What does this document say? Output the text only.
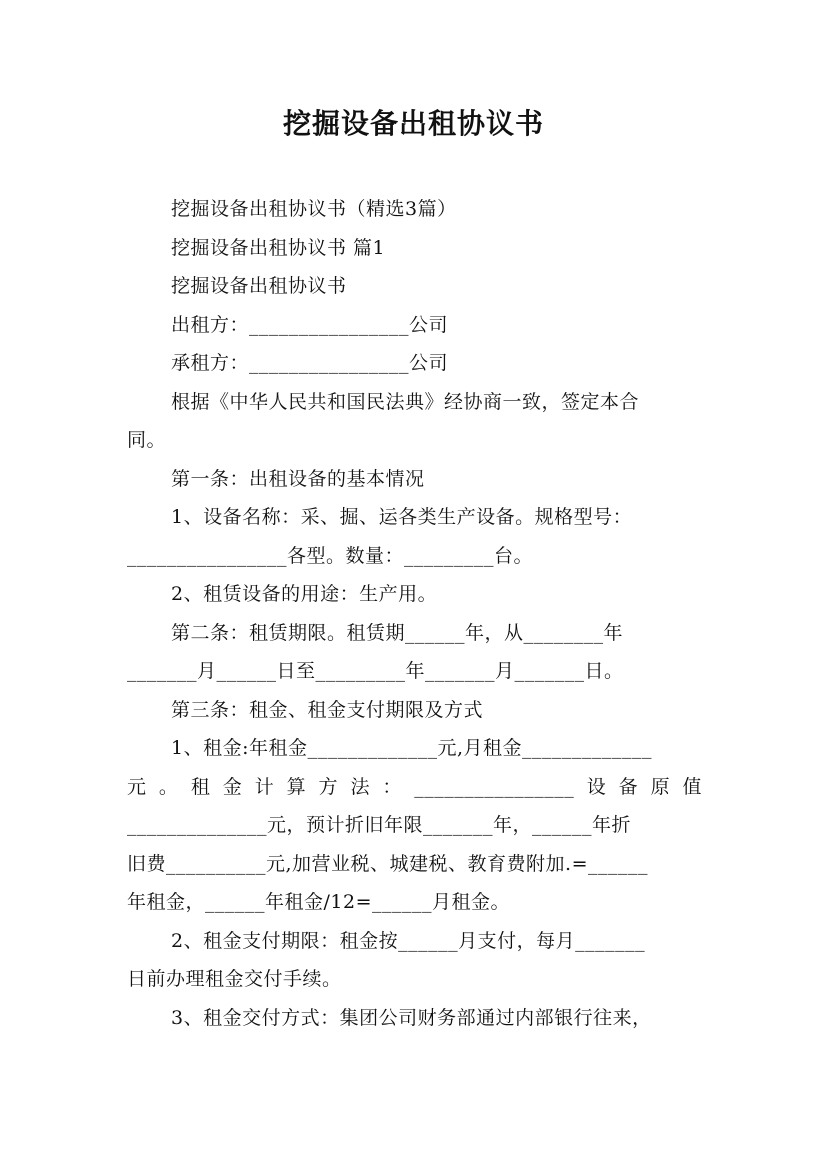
挖掘设备出租协议书
挖掘设备出租协议书（精选3篇）
挖掘设备出租协议书 篇1
挖掘设备出租协议书
出租方：________________公司
承租方：________________公司
根据《中华人民共和国民法典》经协商一致，签定本合
同。
第一条：出租设备的基本情况
1、设备名称：采、掘、运各类生产设备。规格型号：
________________各型。数量：_________台。
2、租赁设备的用途：生产用。
第二条：租赁期限。租赁期______年，从________年
_______月______日至_________年_______月_______日。
第三条：租金、租金支付期限及方式
1、租金:年租金_____________元,月租金_____________
元。租金计算方法：________________设备原值
______________元，预计折旧年限_______年，______年折
旧费__________元,加营业税、城建税、教育费附加.=______
年租金，______年租金/12=______月租金。
2、租金支付期限：租金按______月支付，每月_______
日前办理租金交付手续。
3、租金交付方式：集团公司财务部通过内部银行往来，
